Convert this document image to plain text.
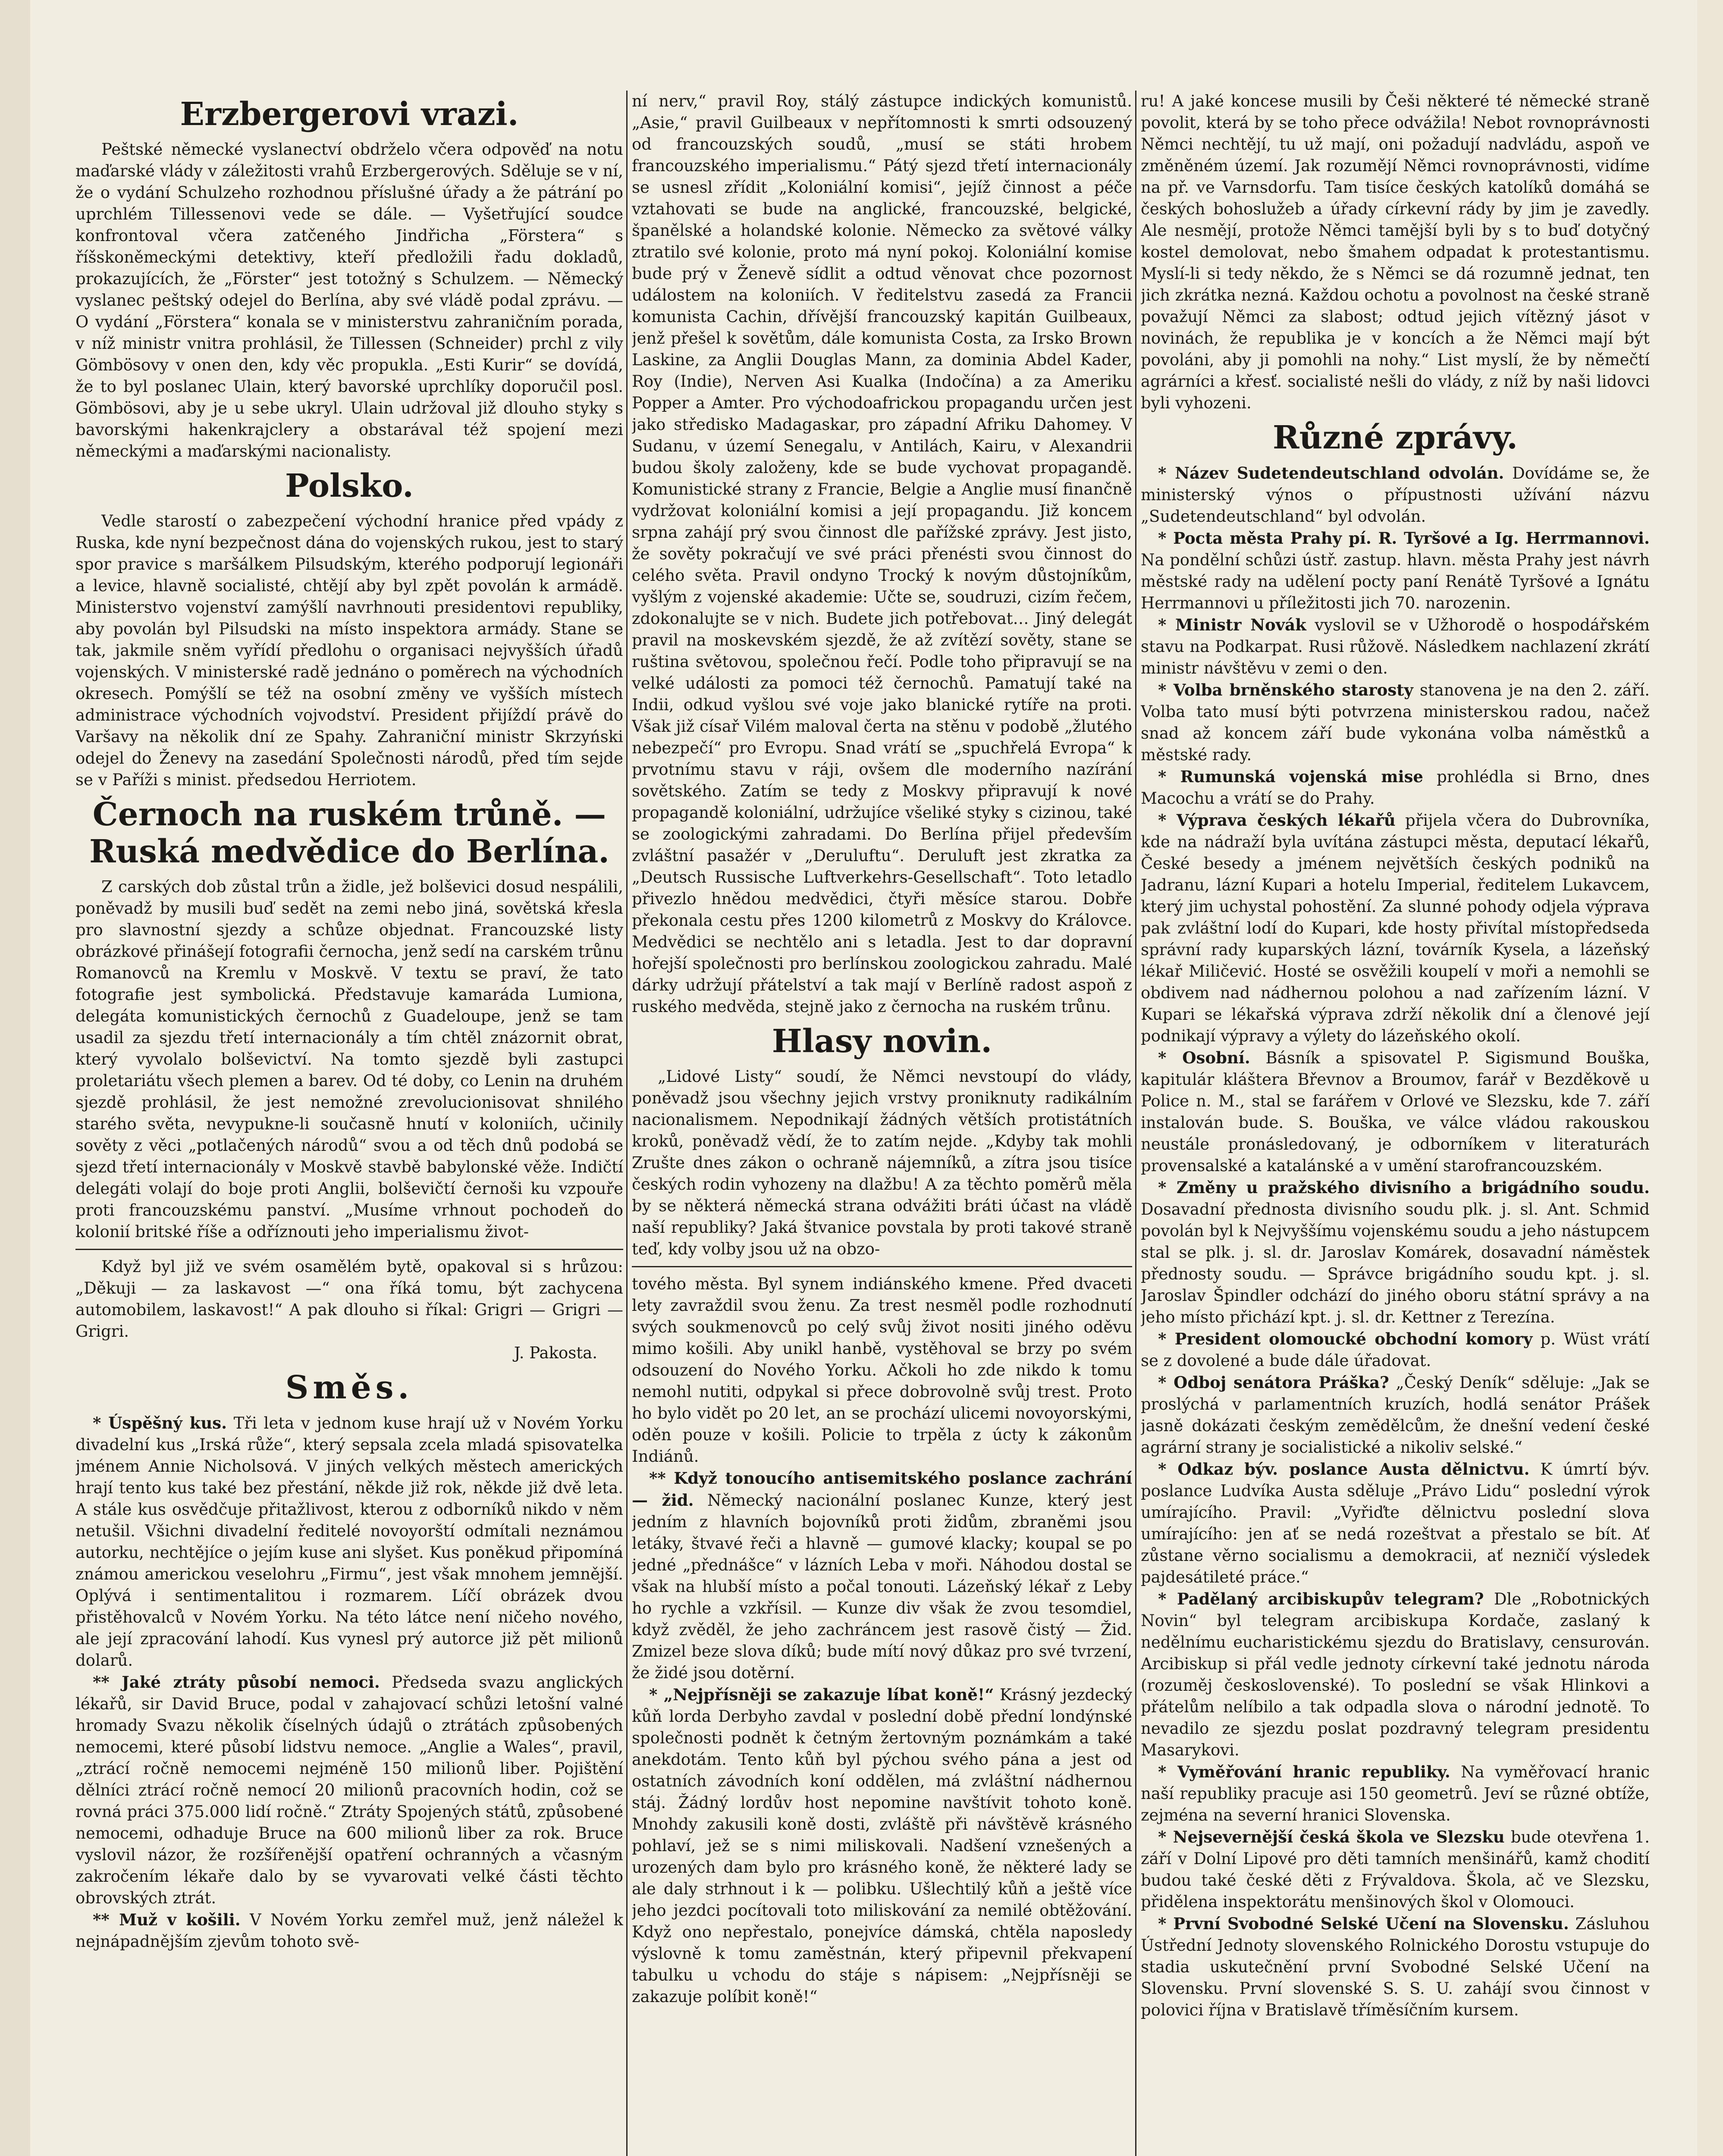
Erzbergerovi vrazi.

Peštské německé vyslanectví obdrželo včera odpověď na notu maďarské vlády v záležitosti vrahů Erzbergerových. Sděluje se v ní, že o vydání Schulzeho rozhodnou příslušné úřady a že pátrání po uprchlém Tillessenovi vede se dále. — Vyšetřující soudce konfrontoval včera zatčeného Jindřicha „Förstera“ s říšskoněmeckými detektivy, kteří předložili řadu dokladů, prokazujících, že „Förster“ jest totožný s Schulzem. — Německý vyslanec peštský odejel do Berlína, aby své vládě podal zprávu. — O vydání „Förstera“ konala se v ministerstvu zahraničním porada, v níž ministr vnitra prohlásil, že Tillessen (Schneider) prchl z vily Gömbösovy v onen den, kdy věc propukla. „Esti Kurir“ se dovídá, že to byl poslanec Ulain, který bavorské uprchlíky doporučil posl. Gömbösovi, aby je u sebe ukryl. Ulain udržoval již dlouho styky s bavorskými hakenkrajclery a obstarával též spojení mezi německými a maďarskými nacionalisty.

Polsko.

Vedle starostí o zabezpečení východní hranice před vpády z Ruska, kde nyní bezpečnost dána do vojenských rukou, jest to starý spor pravice s maršálkem Pilsudským, kterého podporují legionáři a levice, hlavně socialisté, chtějí aby byl zpět povolán k armádě. Ministerstvo vojenství zamýšlí navrhnouti presidentovi republiky, aby povolán byl Pilsudski na místo inspektora armády. Stane se tak, jakmile sněm vyřídí předlohu o organisaci nejvyšších úřadů vojenských. V ministerské radě jednáno o poměrech na východních okresech. Pomýšlí se též na osobní změny ve vyšších místech administrace východních vojvodství. President přijíždí právě do Varšavy na několik dní ze Spahy. Zahraniční ministr Skrzyński odejel do Ženevy na zasedání Společnosti národů, před tím sejde se v Paříži s minist. předsedou Herriotem.

Černoch na ruském trůně. — Ruská medvědice do Berlína.

Z carských dob zůstal trůn a židle, jež bolševici dosud nespálili, poněvadž by musili buď sedět na zemi nebo jiná, sovětská křesla pro slavnostní sjezdy a schůze objednat. Francouzské listy obrázkové přinášejí fotografii černocha, jenž sedí na carském trůnu Romanovců na Kremlu v Moskvě. V textu se praví, že tato fotografie jest symbolická. Představuje kamaráda Lumiona, delegáta komunistických černochů z Guadeloupe, jenž se tam usadil za sjezdu třetí internacionály a tím chtěl znázornit obrat, který vyvolalo bolševictví. Na tomto sjezdě byli zastupci proletariátu všech plemen a barev. Od té doby, co Lenin na druhém sjezdě prohlásil, že jest nemožné zrevolucionisovat shnilého starého světa, nevypukne-li současně hnutí v koloniích, učinily sověty z věci „potlačených národů“ svou a od těch dnů podobá se sjezd třetí internacionály v Moskvě stavbě babylonské věže. Indičtí delegáti volají do boje proti Anglii, bolševičtí černoši ku vzpouře proti francouzskému panství. „Musíme vrhnout pochodeň do kolonií britské říše a odříznouti jeho imperialismu život-

Když byl již ve svém osamělém bytě, opakoval si s hrůzou: „Děkuji — za laskavost —“ ona říká tomu, být zachycena automobilem, laskavost!“ A pak dlouho si říkal: Grigri — Grigri — Grigri.

J. Pakosta.

Směs.

* Úspěšný kus. Tři leta v jednom kuse hrají už v Novém Yorku divadelní kus „Irská růže“, který sepsala zcela mladá spisovatelka jménem Annie Nicholsová. V jiných velkých městech amerických hrají tento kus také bez přestání, někde již rok, někde již dvě leta. A stále kus osvědčuje přitažlivost, kterou z odborníků nikdo v něm netušil. Všichni divadelní ředitelé novoyorští odmítali neznámou autorku, nechtějíce o jejím kuse ani slyšet. Kus poněkud připomíná známou americkou veselohru „Firmu“, jest však mnohem jemnější. Oplývá i sentimentalitou i rozmarem. Líčí obrázek dvou přistěhovalců v Novém Yorku. Na této látce není ničeho nového, ale její zpracování lahodí. Kus vynesl prý autorce již pět milionů dolarů.

** Jaké ztráty působí nemoci. Předseda svazu anglických lékařů, sir David Bruce, podal v zahajovací schůzi letošní valné hromady Svazu několik číselných údajů o ztrátách způsobených nemocemi, které působí lidstvu nemoce. „Anglie a Wales“, pravil, „ztrácí ročně nemocemi nejméně 150 milionů liber. Pojištění dělníci ztrácí ročně nemocí 20 milionů pracovních hodin, což se rovná práci 375.000 lidí ročně.“ Ztráty Spojených států, způsobené nemocemi, odhaduje Bruce na 600 milionů liber za rok. Bruce vyslovil názor, že rozšířenější opatření ochranných a včasným zakročením lékaře dalo by se vyvarovati velké části těchto obrovských ztrát.

** Muž v košili. V Novém Yorku zemřel muž, jenž náležel k nejnápadnějším zjevům tohoto svě-

ní nerv,“ pravil Roy, stálý zástupce indických komunistů. „Asie,“ pravil Guilbeaux v nepřítomnosti k smrti odsouzený od francouzských soudů, „musí se státi hrobem francouzského imperialismu.“ Pátý sjezd třetí internacionály se usnesl zřídit „Koloniální komisi“, jejíž činnost a péče vztahovati se bude na anglické, francouzské, belgické, španělské a holandské kolonie. Německo za světové války ztratilo své kolonie, proto má nyní pokoj. Koloniální komise bude prý v Ženevě sídlit a odtud věnovat chce pozornost událostem na koloniích. V ředitelstvu zasedá za Francii komunista Cachin, dřívější francouzský kapitán Guilbeaux, jenž přešel k sovětům, dále komunista Costa, za Irsko Brown Laskine, za Anglii Douglas Mann, za dominia Abdel Kader, Roy (Indie), Nerven Asi Kualka (Indočína) a za Ameriku Popper a Amter. Pro východoafrickou propagandu určen jest jako středisko Madagaskar, pro západní Afriku Dahomey. V Sudanu, v území Senegalu, v Antilách, Kairu, v Alexandrii budou školy založeny, kde se bude vychovat propagandě. Komunistické strany z Francie, Belgie a Anglie musí finančně vydržovat koloniální komisi a její propagandu. Již koncem srpna zahájí prý svou činnost dle pařížské zprávy. Jest jisto, že sověty pokračují ve své práci přenésti svou činnost do celého světa. Pravil ondyno Trocký k novým důstojníkům, vyšlým z vojenské akademie: Učte se, soudruzi, cizím řečem, zdokonalujte se v nich. Budete jich potřebovat… Jiný delegát pravil na moskevském sjezdě, že až zvítězí sověty, stane se ruština světovou, společnou řečí. Podle toho připravují se na velké události za pomoci též černochů. Pamatují také na Indii, odkud vyšlou své voje jako blanické rytíře na proti. Však již císař Vilém maloval čerta na stěnu v podobě „žlutého nebezpečí“ pro Evropu. Snad vrátí se „spuchřelá Evropa“ k prvotnímu stavu v ráji, ovšem dle moderního nazírání sovětského. Zatím se tedy z Moskvy připravují k nové propagandě koloniální, udržujíce všeliké styky s cizinou, také se zoologickými zahradami. Do Berlína přijel především zvláštní pasažér v „Deruluftu“. Deruluft jest zkratka za „Deutsch Russische Luftverkehrs-Gesellschaft“. Toto letadlo přivezlo hnědou medvědici, čtyři měsíce starou. Dobře překonala cestu přes 1200 kilometrů z Moskvy do Královce. Medvědici se nechtělo ani s letadla. Jest to dar dopravní hořejší společnosti pro berlínskou zoologickou zahradu. Malé dárky udržují přátelství a tak mají v Berlíně radost aspoň z ruského medvěda, stejně jako z černocha na ruském trůnu.

Hlasy novin.

„Lidové Listy“ soudí, že Němci nevstoupí do vlády, poněvadž jsou všechny jejich vrstvy proniknuty radikálním nacionalismem. Nepodnikají žádných větších protistátních kroků, poněvadž vědí, že to zatím nejde. „Kdyby tak mohli Zrušte dnes zákon o ochraně nájemníků, a zítra jsou tisíce českých rodin vyhozeny na dlažbu! A za těchto poměrů měla by se některá německá strana odvážiti bráti účast na vládě naší republiky? Jaká štvanice povstala by proti takové straně teď, kdy volby jsou už na obzo-

tového města. Byl synem indiánského kmene. Před dvaceti lety zavraždil svou ženu. Za trest nesměl podle rozhodnutí svých soukmenovců po celý svůj život nositi jiného oděvu mimo košili. Aby unikl hanbě, vystěhoval se brzy po svém odsouzení do Nového Yorku. Ačkoli ho zde nikdo k tomu nemohl nutiti, odpykal si přece dobrovolně svůj trest. Proto ho bylo vidět po 20 let, an se prochází ulicemi novoyorskými, oděn pouze v košili. Policie to trpěla z úcty k zákonům Indiánů.

** Když tonoucího antisemitského poslance zachrání — žid. Německý nacionální poslanec Kunze, který jest jedním z hlavních bojovníků proti židům, zbraněmi jsou letáky, štvavé řeči a hlavně — gumové klacky; koupal se po jedné „přednášce“ v lázních Leba v moři. Náhodou dostal se však na hlubší místo a počal tonouti. Lázeňský lékař z Leby ho rychle a vzkřísil. — Kunze div však že zvou tesomdiel, když zvěděl, že jeho zachráncem jest rasově čistý — Žid. Zmizel beze slova díků; bude mítí nový důkaz pro své tvrzení, že židé jsou dotěrní.

* „Nejpřísněji se zakazuje líbat koně!“ Krásný jezdecký kůň lorda Derbyho zavdal v poslední době přední londýnské společnosti podnět k četným žertovným poznámkám a také anekdotám. Tento kůň byl pýchou svého pána a jest od ostatních závodních koní oddělen, má zvláštní nádhernou stáj. Žádný lordův host nepomine navštívit tohoto koně. Mnohdy zakusili koně dosti, zvláště při návštěvě krásného pohlaví, jež se s nimi miliskovali. Nadšení vznešených a urozených dam bylo pro krásného koně, že některé lady se ale daly strhnout i k — polibku. Ušlechtilý kůň a ještě více jeho jezdci pocítovali toto miliskování za nemilé obtěžování. Když ono nepřestalo, ponejvíce dámská, chtěla naposledy výslovně k tomu zaměstnán, který připevnil překvapení tabulku u vchodu do stáje s nápisem: „Nejpřísněji se zakazuje políbit koně!“

ru! A jaké koncese musili by Češi některé té německé straně povolit, která by se toho přece odvážila! Nebot rovnoprávnosti Němci nechtějí, tu už mají, oni požadují nadvládu, aspoň ve změněném území. Jak rozumějí Němci rovnoprávnosti, vidíme na př. ve Varnsdorfu. Tam tisíce českých katolíků domáhá se českých bohoslužeb a úřady církevní rády by jim je zavedly. Ale nesmějí, protože Němci tamější byli by s to buď dotyčný kostel demolovat, nebo šmahem odpadat k protestantismu. Myslí-li si tedy někdo, že s Němci se dá rozumně jednat, ten jich zkrátka nezná. Každou ochotu a povolnost na české straně považují Němci za slabost; odtud jejich vítězný jásot v novinách, že republika je v koncích a že Němci mají být povoláni, aby ji pomohli na nohy.“ List myslí, že by němečtí agrárníci a křesť. socialisté nešli do vlády, z níž by naši lidovci byli vyhozeni.

Různé zprávy.

* Název Sudetendeutschland odvolán. Dovídáme se, že ministerský výnos o přípustnosti užívání názvu „Sudetendeutschland“ byl odvolán.

* Pocta města Prahy pí. R. Tyršové a Ig. Herrmannovi. Na pondělní schůzi ústř. zastup. hlavn. města Prahy jest návrh městské rady na udělení pocty paní Renátě Tyršové a Ignátu Herrmannovi u příležitosti jich 70. narozenin.

* Ministr Novák vyslovil se v Užhorodě o hospodářském stavu na Podkarpat. Rusi růžově. Následkem nachlazení zkrátí ministr návštěvu v zemi o den.

* Volba brněnského starosty stanovena je na den 2. září. Volba tato musí býti potvrzena ministerskou radou, načež snad až koncem září bude vykonána volba náměstků a městské rady.

* Rumunská vojenská mise prohlédla si Brno, dnes Macochu a vrátí se do Prahy.

* Výprava českých lékařů přijela včera do Dubrovníka, kde na nádraží byla uvítána zástupci města, deputací lékařů, České besedy a jménem největších českých podniků na Jadranu, lázní Kupari a hotelu Imperial, ředitelem Lukavcem, který jim uchystal pohostění. Za slunné pohody odjela výprava pak zvláštní lodí do Kupari, kde hosty přivítal místopředseda správní rady kuparských lázní, továrník Kysela, a lázeňský lékař Miličević. Hosté se osvěžili koupelí v moři a nemohli se obdivem nad nádhernou polohou a nad zařízením lázní. V Kupari se lékařská výprava zdrží několik dní a členové její podnikají výpravy a výlety do lázeňského okolí.

* Osobní. Básník a spisovatel P. Sigismund Bouška, kapitulár kláštera Břevnov a Broumov, farář v Bezděkově u Police n. M., stal se farářem v Orlové ve Slezsku, kde 7. září instalován bude. S. Bouška, ve válce vládou rakouskou neustále pronásledovaný, je odborníkem v literaturách provensalské a katalánské a v umění starofrancouzském.

* Změny u pražského divisního a brigádního soudu. Dosavadní přednosta divisního soudu plk. j. sl. Ant. Schmid povolán byl k Nejvyššímu vojenskému soudu a jeho nástupcem stal se plk. j. sl. dr. Jaroslav Komárek, dosavadní náměstek přednosty soudu. — Správce brigádního soudu kpt. j. sl. Jaroslav Špindler odchází do jiného oboru státní správy a na jeho místo přichází kpt. j. sl. dr. Kettner z Terezína.

* President olomoucké obchodní komory p. Wüst vrátí se z dovolené a bude dále úřadovat.

* Odboj senátora Práška? „Český Deník“ sděluje: „Jak se proslýchá v parlamentních kruzích, hodlá senátor Prášek jasně dokázati českým zemědělcům, že dnešní vedení české agrární strany je socialistické a nikoliv selské.“

* Odkaz býv. poslance Austa dělnictvu. K úmrtí býv. poslance Ludvíka Austa sděluje „Právo Lidu“ poslední výrok umírajícího. Pravil: „Vyřiďte dělnictvu poslední slova umírajícího: jen ať se nedá rozeštvat a přestalo se bít. Ať zůstane věrno socialismu a demokracii, ať nezničí výsledek pajdesátileté práce.“

* Padělaný arcibiskupův telegram? Dle „Robotnických Novin“ byl telegram arcibiskupa Kordače, zaslaný k nedělnímu eucharistickému sjezdu do Bratislavy, censurován. Arcibiskup si přál vedle jednoty církevní také jednotu národa (rozuměj československé). To poslední se však Hlinkovi a přátelům nelíbilo a tak odpadla slova o národní jednotě. To nevadilo ze sjezdu poslat pozdravný telegram presidentu Masarykovi.

* Vyměřování hranic republiky. Na vyměřovací hranic naší republiky pracuje asi 150 geometrů. Jeví se různé obtíže, zejména na severní hranici Slovenska.

* Nejsevernější česká škola ve Slezsku bude otevřena 1. září v Dolní Lipové pro děti tamních menšinářů, kamž chodití budou také české děti z Frývaldova. Škola, ač ve Slezsku, přidělena inspektorátu menšinových škol v Olomouci.

* První Svobodné Selské Učení na Slovensku. Zásluhou Ústřední Jednoty slovenského Rolnického Dorostu vstupuje do stadia uskutečnění první Svobodné Selské Učení na Slovensku. První slovenské S. S. U. zahájí svou činnost v polovici října v Bratislavě tříměsíčním kursem.
